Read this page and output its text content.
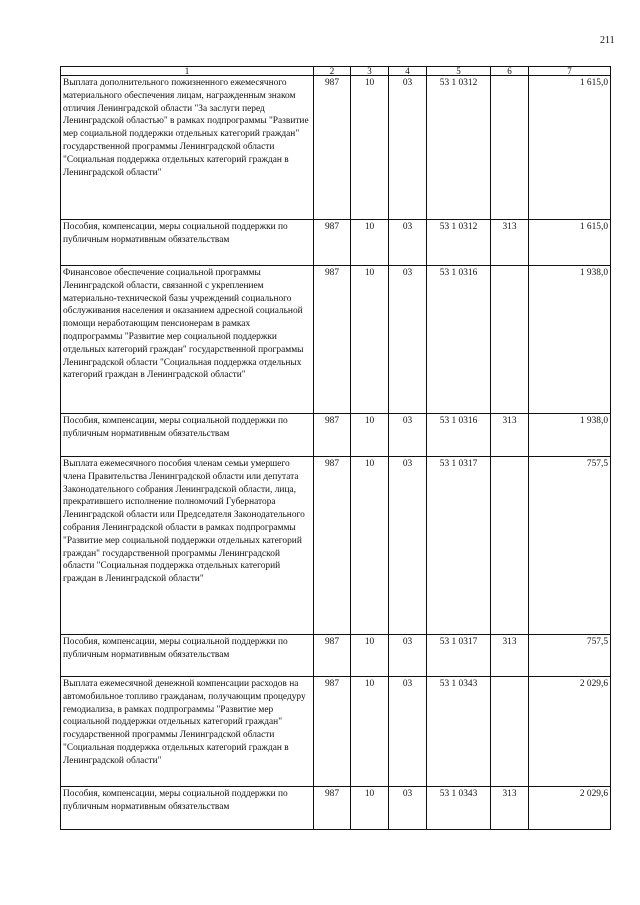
211
1	2	3	4	5	6	7
Выплата дополнительного пожизненного ежемесячного материального обеспечения лицам, награжденным знаком отличия Ленинградской области "За заслуги перед Ленинградской областью" в рамках подпрограммы "Развитие мер социальной поддержки отдельных категорий граждан" государственной программы Ленинградской области "Социальная поддержка отдельных категорий граждан в Ленинградской области"	987	10	03	53 1 0312		1 615,0
Пособия, компенсации, меры социальной поддержки по публичным нормативным обязательствам	987	10	03	53 1 0312	313	1 615,0
Финансовое обеспечение социальной программы Ленинградской области, связанной с укреплением материально-технической базы учреждений социального обслуживания населения и оказанием адресной социальной помощи неработающим пенсионерам в рамках подпрограммы "Развитие мер социальной поддержки отдельных категорий граждан" государственной программы Ленинградской области "Социальная поддержка отдельных категорий граждан в Ленинградской области"	987	10	03	53 1 0316		1 938,0
Пособия, компенсации, меры социальной поддержки по публичным нормативным обязательствам	987	10	03	53 1 0316	313	1 938,0
Выплата ежемесячного пособия членам семьи умершего члена Правительства Ленинградской области или депутата Законодательного собрания Ленинградской области, лица, прекратившего исполнение полномочий Губернатора Ленинградской области или Председателя Законодательного собрания Ленинградской области в рамках подпрограммы "Развитие мер социальной поддержки отдельных категорий граждан" государственной программы Ленинградской области "Социальная поддержка отдельных категорий граждан в Ленинградской области"	987	10	03	53 1 0317		757,5
Пособия, компенсации, меры социальной поддержки по публичным нормативным обязательствам	987	10	03	53 1 0317	313	757,5
Выплата ежемесячной денежной компенсации расходов на автомобильное топливо гражданам, получающим процедуру гемодиализа, в рамках подпрограммы "Развитие мер социальной поддержки отдельных категорий граждан" государственной программы Ленинградской области "Социальная поддержка отдельных категорий граждан в Ленинградской области"	987	10	03	53 1 0343		2 029,6
Пособия, компенсации, меры социальной поддержки по публичным нормативным обязательствам	987	10	03	53 1 0343	313	2 029,6
